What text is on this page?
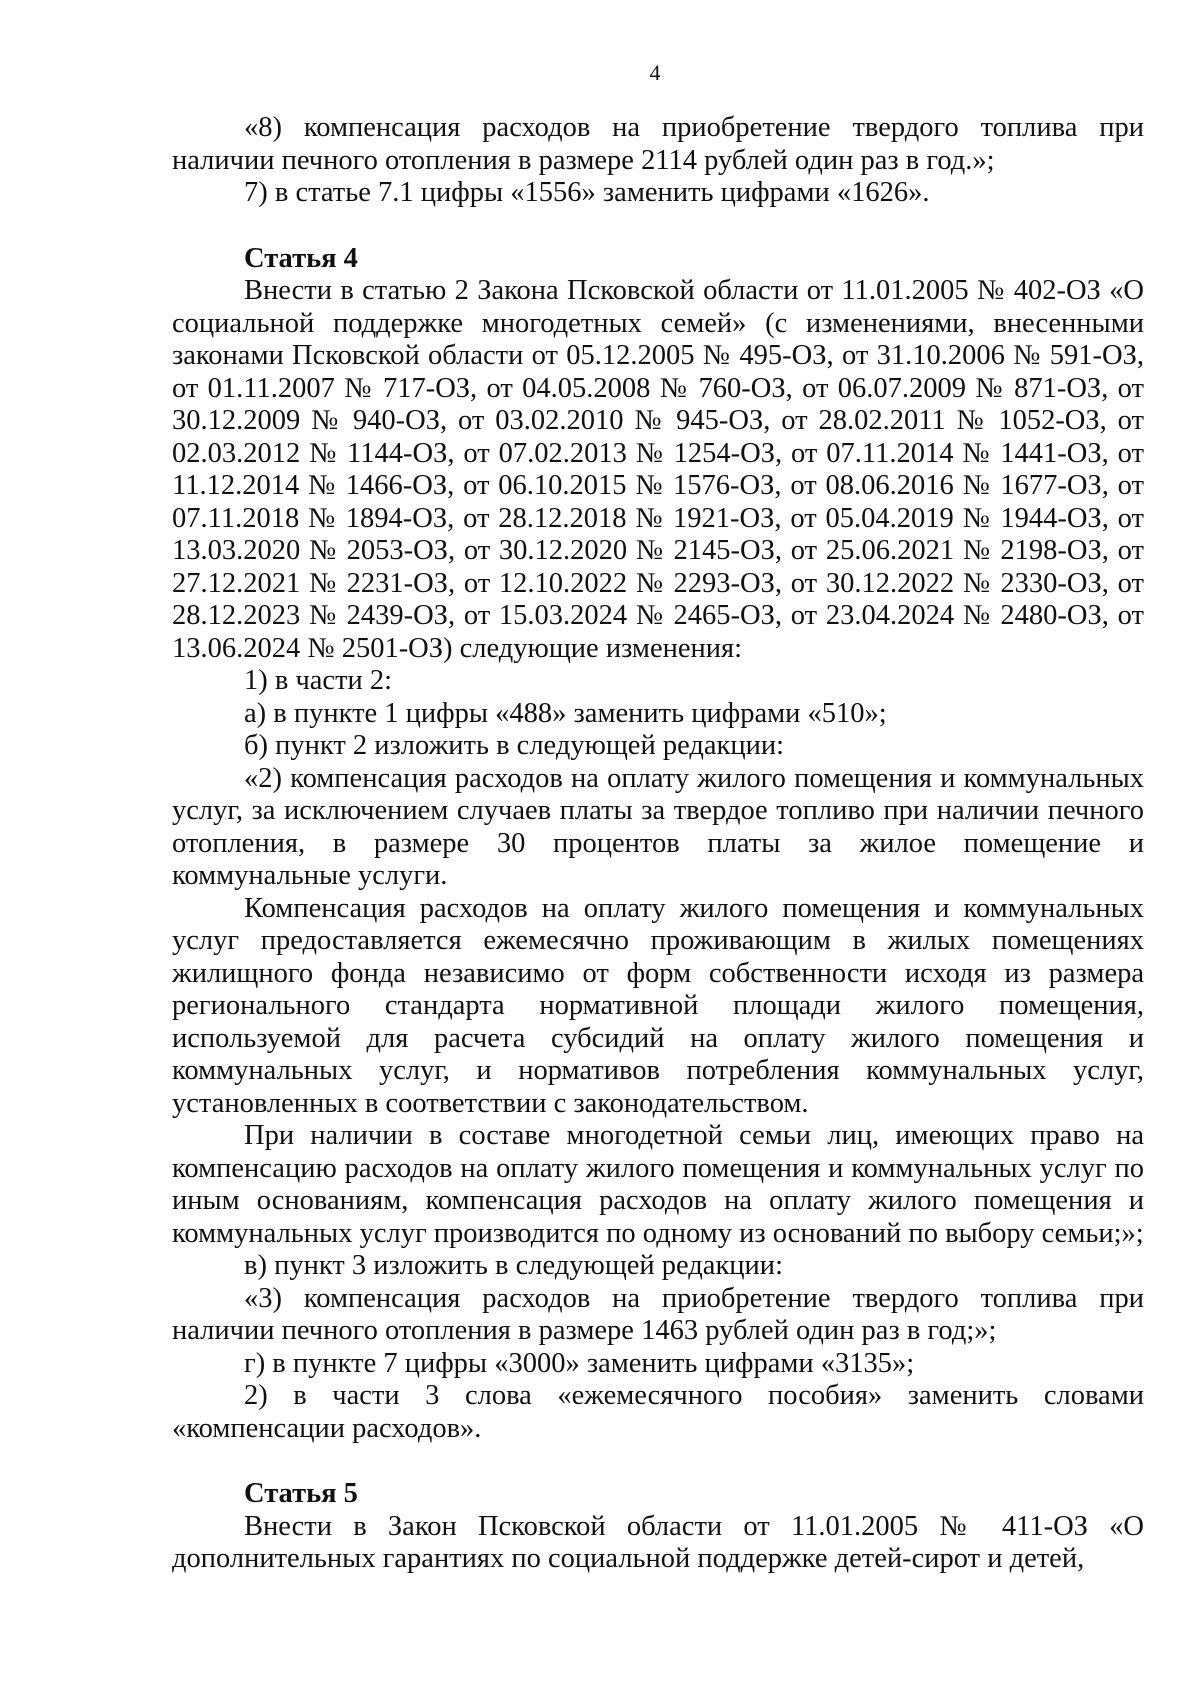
4

«8) компенсация расходов на приобретение твердого топлива при наличии печного отопления в размере 2114 рублей один раз в год.»;

7) в статье 7.1 цифры «1556» заменить цифрами «1626».

Статья 4

Внести в статью 2 Закона Псковской области от 11.01.2005 № 402-ОЗ «О социальной поддержке многодетных семей» (с изменениями, внесенными законами Псковской области от 05.12.2005 № 495-ОЗ, от 31.10.2006 № 591-ОЗ, от 01.11.2007 № 717-ОЗ, от 04.05.2008 № 760-ОЗ, от 06.07.2009 № 871-ОЗ, от 30.12.2009 № 940-ОЗ, от 03.02.2010 № 945-ОЗ, от 28.02.2011 № 1052-ОЗ, от 02.03.2012 № 1144-ОЗ, от 07.02.2013 № 1254-ОЗ, от 07.11.2014 № 1441-ОЗ, от 11.12.2014 № 1466-ОЗ, от 06.10.2015 № 1576-ОЗ, от 08.06.2016 № 1677-ОЗ, от 07.11.2018 № 1894-ОЗ, от 28.12.2018 № 1921-ОЗ, от 05.04.2019 № 1944-ОЗ, от 13.03.2020 № 2053-ОЗ, от 30.12.2020 № 2145-ОЗ, от 25.06.2021 № 2198-ОЗ, от 27.12.2021 № 2231-ОЗ, от 12.10.2022 № 2293-ОЗ, от 30.12.2022 № 2330-ОЗ, от 28.12.2023 № 2439-ОЗ, от 15.03.2024 № 2465-ОЗ, от 23.04.2024 № 2480-ОЗ, от 13.06.2024 № 2501-ОЗ) следующие изменения:

1) в части 2:

а) в пункте 1 цифры «488» заменить цифрами «510»;

б) пункт 2 изложить в следующей редакции:

«2) компенсация расходов на оплату жилого помещения и коммунальных услуг, за исключением случаев платы за твердое топливо при наличии печного отопления, в размере 30 процентов платы за жилое помещение и коммунальные услуги.

Компенсация расходов на оплату жилого помещения и коммунальных услуг предоставляется ежемесячно проживающим в жилых помещениях жилищного фонда независимо от форм собственности исходя из размера регионального стандарта нормативной площади жилого помещения, используемой для расчета субсидий на оплату жилого помещения и коммунальных услуг, и нормативов потребления коммунальных услуг, установленных в соответствии с законодательством.

При наличии в составе многодетной семьи лиц, имеющих право на компенсацию расходов на оплату жилого помещения и коммунальных услуг по иным основаниям, компенсация расходов на оплату жилого помещения и коммунальных услуг производится по одному из оснований по выбору семьи;»;

в) пункт 3 изложить в следующей редакции:

«3) компенсация расходов на приобретение твердого топлива при наличии печного отопления в размере 1463 рублей один раз в год;»;

г) в пункте 7 цифры «3000» заменить цифрами «3135»;

2) в части 3 слова «ежемесячного пособия» заменить словами «компенсации расходов».

Статья 5

Внести в Закон Псковской области от 11.01.2005 № 411-ОЗ «О дополнительных гарантиях по социальной поддержке детей-сирот и детей,
